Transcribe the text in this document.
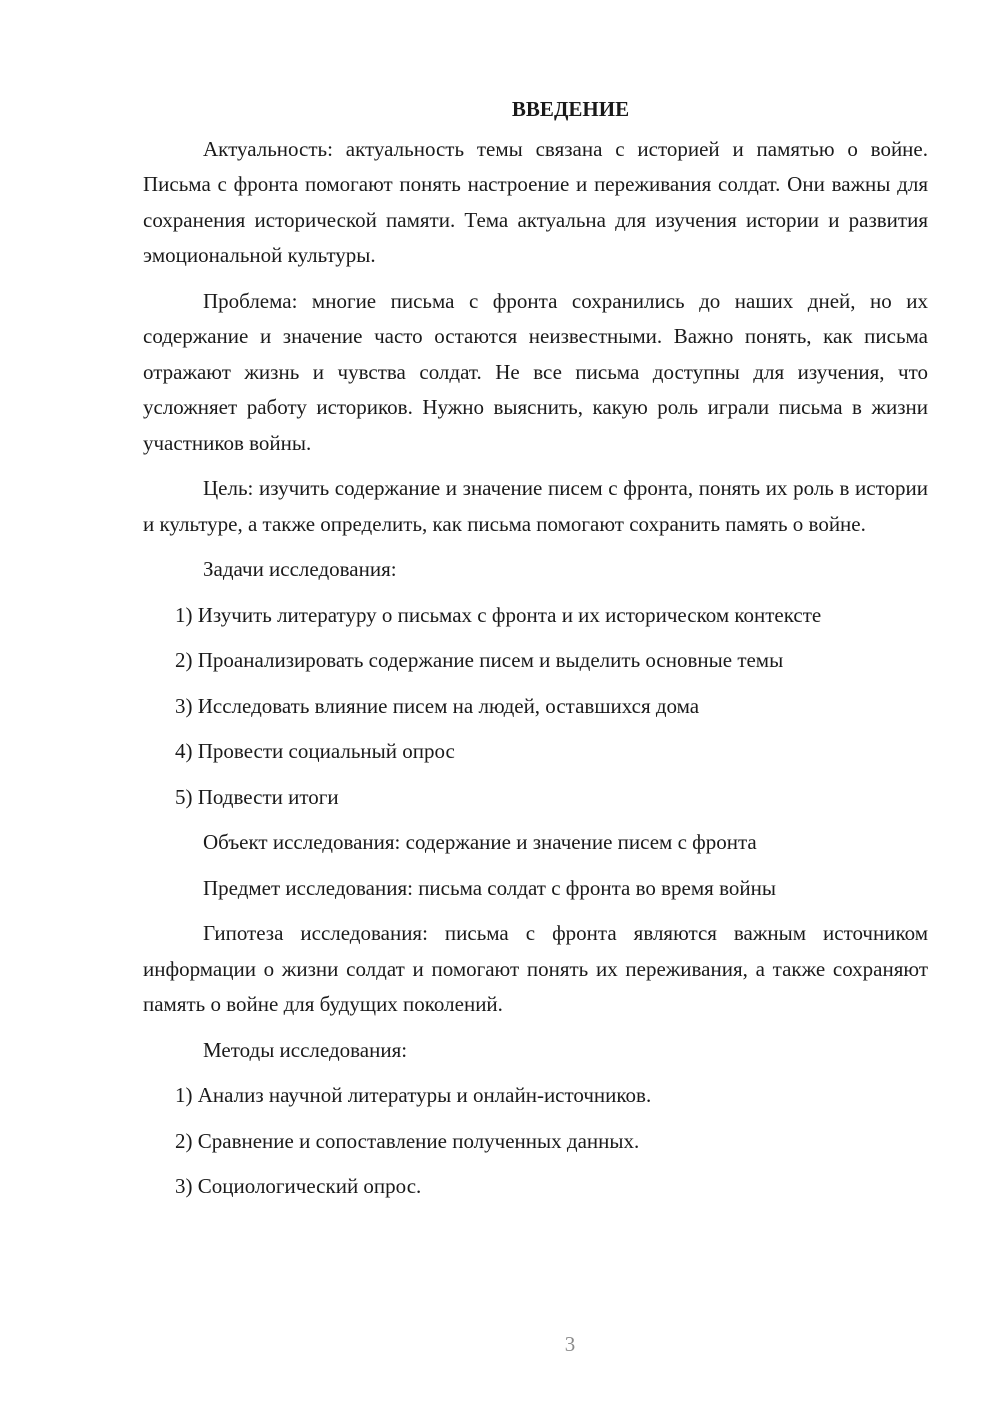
ВВЕДЕНИЕ

Актуальность: актуальность темы связана с историей и памятью о войне. Письма с фронта помогают понять настроение и переживания солдат. Они важны для сохранения исторической памяти. Тема актуальна для изучения истории и развития эмоциональной культуры.

Проблема: многие письма с фронта сохранились до наших дней, но их содержание и значение часто остаются неизвестными. Важно понять, как письма отражают жизнь и чувства солдат. Не все письма доступны для изучения, что усложняет работу историков. Нужно выяснить, какую роль играли письма в жизни участников войны.

Цель: изучить содержание и значение писем с фронта, понять их роль в истории и культуре, а также определить, как письма помогают сохранить память о войне.

Задачи исследования:

1) Изучить литературу о письмах с фронта и их историческом контексте

2) Проанализировать содержание писем и выделить основные темы

3) Исследовать влияние писем на людей, оставшихся дома

4) Провести социальный опрос

5) Подвести итоги

Объект исследования: содержание и значение писем с фронта

Предмет исследования: письма солдат с фронта во время войны

Гипотеза исследования: письма с фронта являются важным источником информации о жизни солдат и помогают понять их переживания, а также сохраняют память о войне для будущих поколений.

Методы исследования:

1) Анализ научной литературы и онлайн-источников.

2) Сравнение и сопоставление полученных данных.

3) Социологический опрос.

3
